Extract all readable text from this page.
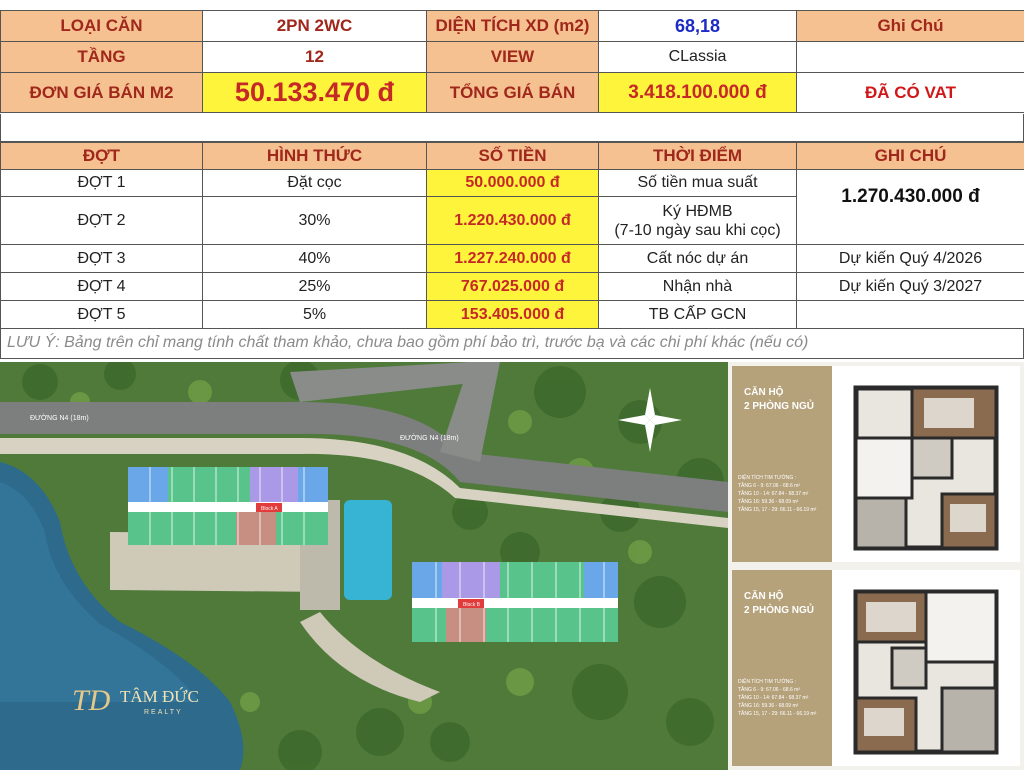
LOẠI CĂN	2PN 2WC	DIỆN TÍCH XD (m2)	68,18	Ghi Chú
TẦNG	12	VIEW	CLassia	
ĐƠN GIÁ BÁN M2	50.133.470 đ	TỔNG GIÁ BÁN	3.418.100.000 đ	ĐÃ CÓ VAT
ĐỢT	HÌNH THỨC	SỐ TIỀN	THỜI ĐIỂM	GHI CHÚ
ĐỢT 1	Đặt cọc	50.000.000 đ	Số tiền mua suất	1.270.430.000 đ
ĐỢT 2	30%	1.220.430.000 đ	Ký HĐMB
(7-10 ngày sau khi cọc)	

ĐỢT 3	40%	1.227.240.000 đ	Cất nóc dự án	Dự kiến Quý 4/2026
ĐỢT 4	25%	767.025.000 đ	Nhận nhà	Dự kiến Quý 3/2027
ĐỢT 5	5%	153.405.000 đ	TB CẤP GCN	
LƯU Ý: Bảng trên chỉ mang tính chất tham khảo, chưa bao gồm phí bảo trì, trước bạ và các chi phí khác (nếu có)
ĐƯỜNG N4 (18m)
ĐƯỜNG N4 (18m)
Block A
Block B
TD TÂM ĐỨC
REALTY
CĂN HỘ
2 PHÒNG NGỦ
DIỆN TÍCH TIM TƯỜNG :
TẦNG 6 - 9: 67.06 - 68.6 m²
TẦNG 10 - 14: 67.84 - 68.37 m²
TẦNG 16: 59.36 - 68.09 m²
TẦNG 15, 17 - 29: 66.11 - 66.19 m²
CĂN HỘ
2 PHÒNG NGỦ
DIỆN TÍCH TIM TƯỜNG :
TẦNG 6 - 9: 67.06 - 68.6 m²
TẦNG 10 - 14: 67.84 - 68.37 m²
TẦNG 16: 59.36 - 68.09 m²
TẦNG 15, 17 - 29: 66.11 - 66.19 m²
